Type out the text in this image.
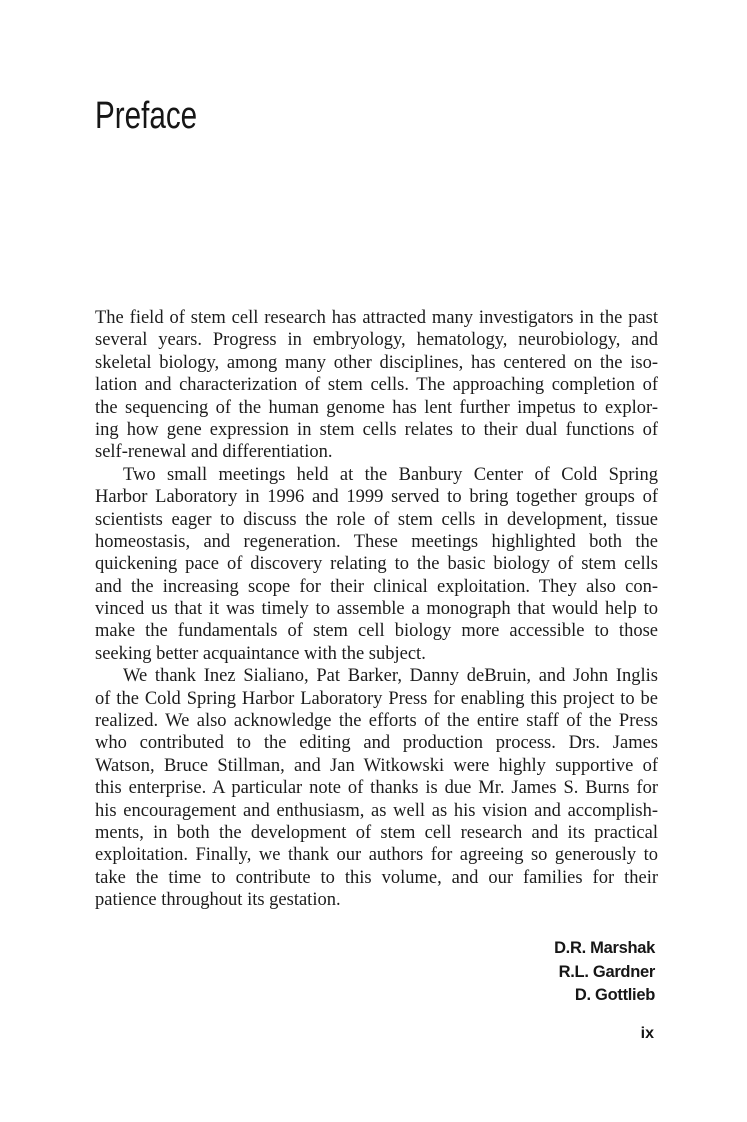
Preface
The field of stem cell research has attracted many investigators in the past
several years. Progress in embryology, hematology, neurobiology, and
skeletal biology, among many other disciplines, has centered on the iso-
lation and characterization of stem cells. The approaching completion of
the sequencing of the human genome has lent further impetus to explor-
ing how gene expression in stem cells relates to their dual functions of
self-renewal and differentiation.
Two small meetings held at the Banbury Center of Cold Spring
Harbor Laboratory in 1996 and 1999 served to bring together groups of
scientists eager to discuss the role of stem cells in development, tissue
homeostasis, and regeneration. These meetings highlighted both the
quickening pace of discovery relating to the basic biology of stem cells
and the increasing scope for their clinical exploitation. They also con-
vinced us that it was timely to assemble a monograph that would help to
make the fundamentals of stem cell biology more accessible to those
seeking better acquaintance with the subject.
We thank Inez Sialiano, Pat Barker, Danny deBruin, and John Inglis
of the Cold Spring Harbor Laboratory Press for enabling this project to be
realized. We also acknowledge the efforts of the entire staff of the Press
who contributed to the editing and production process. Drs. James
Watson, Bruce Stillman, and Jan Witkowski were highly supportive of
this enterprise. A particular note of thanks is due Mr. James S. Burns for
his encouragement and enthusiasm, as well as his vision and accomplish-
ments, in both the development of stem cell research and its practical
exploitation. Finally, we thank our authors for agreeing so generously to
take the time to contribute to this volume, and our families for their
patience throughout its gestation.
D.R. Marshak
R.L. Gardner
D. Gottlieb
ix
